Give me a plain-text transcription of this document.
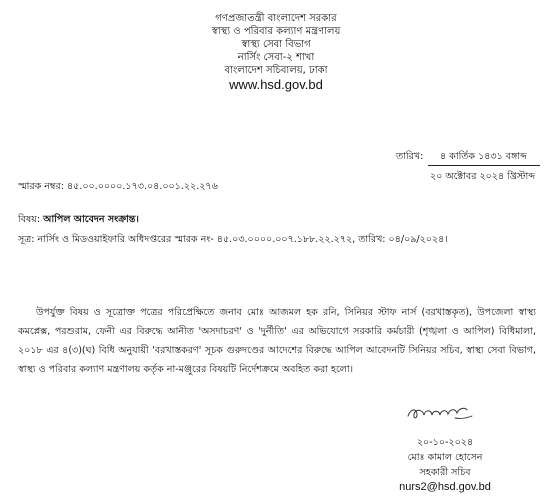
গণপ্রজাতন্ত্রী বাংলাদেশ সরকার
স্বাস্থ্য ও পরিবার কল্যাণ মন্ত্রণালয়
স্বাস্থ্য সেবা বিভাগ
নার্সিং সেবা-২ শাখা
বাংলাদেশ সচিবালয়, ঢাকা
www.hsd.gov.bd
তারিখ: ৪ কার্তিক ১৪৩১ বঙ্গাব্দ
২০ অক্টোবর ২০২৪ খ্রিস্টাব্দ
স্মারক নম্বর: ৪৫.০০.০০০০.১৭৩.০৪.০০১.২২.২৭৬
বিষয়: আপিল আবেদন সংক্রান্ত।
সূত্র: নার্সিং ও মিডওয়াইফারি অধিদপ্তরের স্মারক নং- ৪৫.০৩.০০০০.০০৭.১৮৮.২২.২৭২, তারিখ: ০৪/০৯/২০২৪।
উপর্যুক্ত বিষয় ও সূত্রোক্ত পত্রের পরিপ্রেক্ষিতে জনাব মোঃ আজমল হক রনি, সিনিয়র স্টাফ নার্স (বরখাস্তকৃত), উপজেলা স্বাস্থ্য কমপ্লেক্স, পরশুরাম, ফেনী এর বিরুদ্ধে আনীত 'অসদাচরণ' ও 'দুর্নীতি' এর অভিযোগে সরকারি কর্মচারী (শৃঙ্খলা ও আপিল) বিধিমালা, ২০১৮ এর ৪(৩)(ঘ) বিধি অনুযায়ী 'বরখাস্তকরণ' সূচক গুরুদণ্ডের আদেশের বিরুদ্ধে আপিল আবেদনটি সিনিয়র সচিব, স্বাস্থ্য সেবা বিভাগ, স্বাস্থ্য ও পরিবার কল্যাণ মন্ত্রণালয় কর্তৃক না-মঞ্জুরের বিষয়টি নির্দেশক্রমে অবহিত করা হলো।
২০-১০-২০২৪
মোঃ কামাল হোসেন
সহকারী সচিব
nurs2@hsd.gov.bd
